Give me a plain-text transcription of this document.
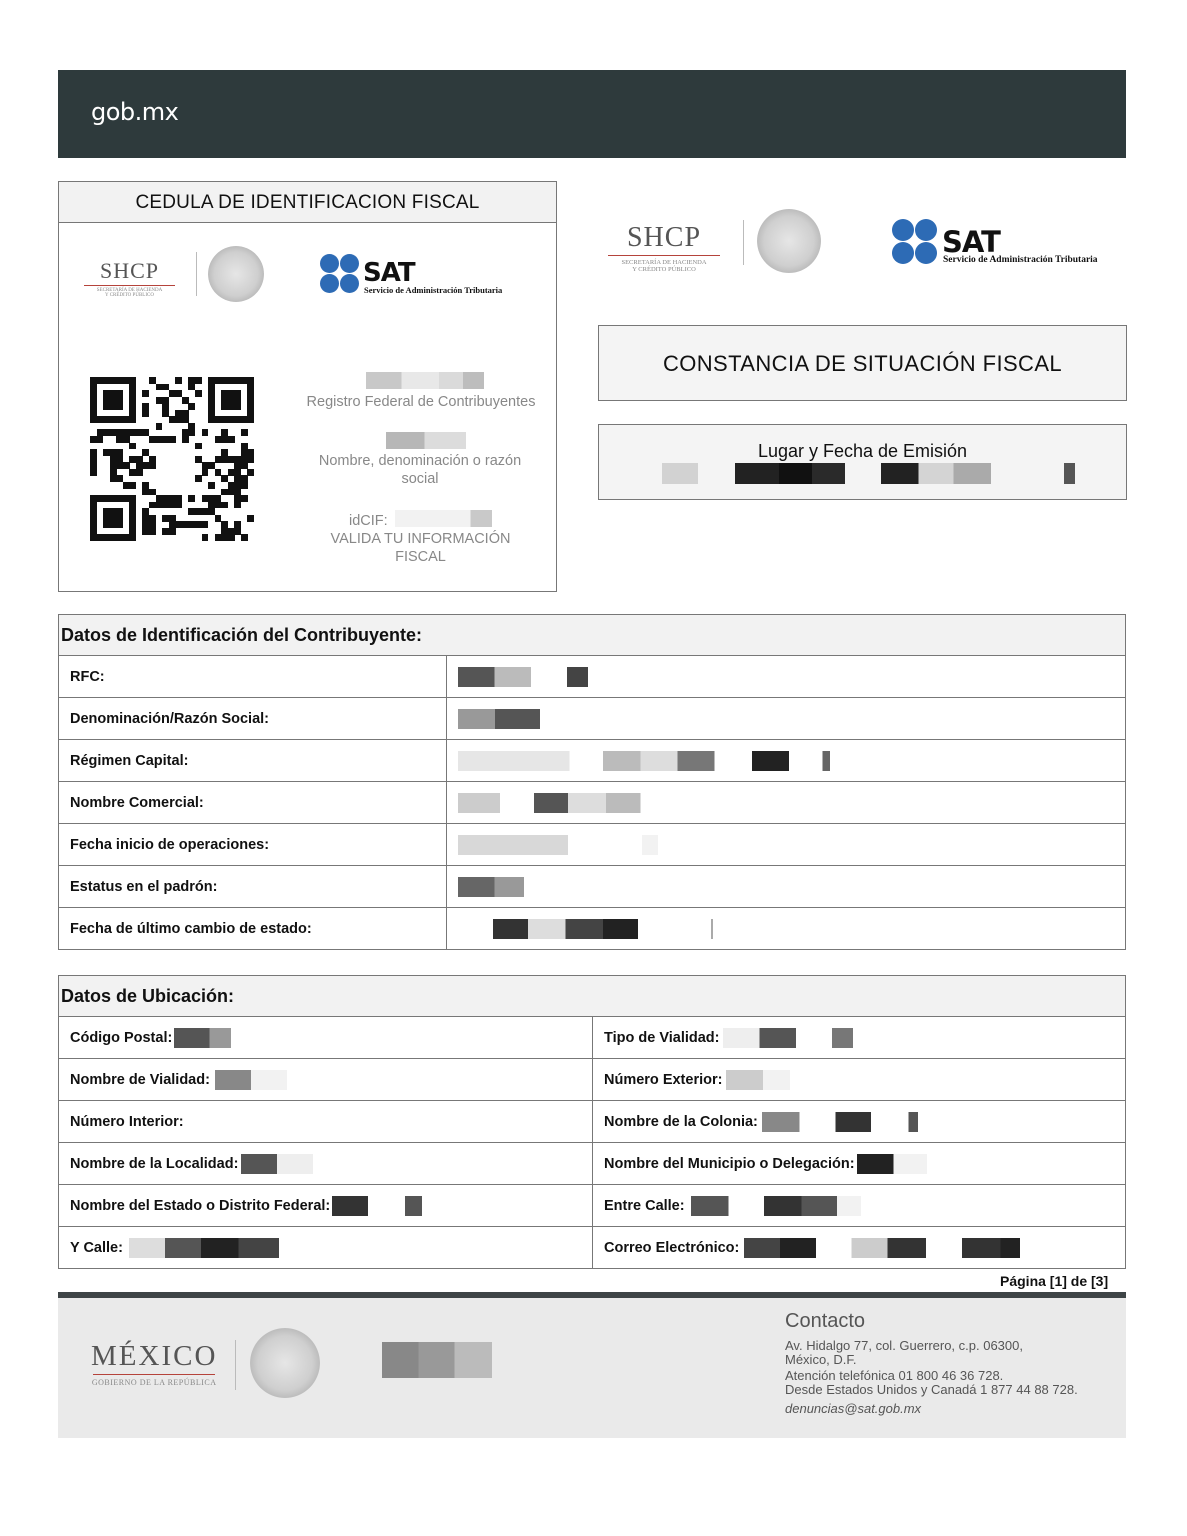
gob.mx
CEDULA DE IDENTIFICACION FISCAL
SHCP
SECRETARÍA DE HACIENDA
Y CRÉDITO PÚBLICO
SAT
Servicio de Administración Tributaria
Registro Federal de Contribuyentes
Nombre, denominación o razón social
idCIF:
VALIDA TU INFORMACIÓN FISCAL
SHCP
SECRETARÍA DE HACIENDA
Y CRÉDITO PÚBLICO
SAT
Servicio de Administración Tributaria
CONSTANCIA DE SITUACIÓN FISCAL
Lugar y Fecha de Emisión
Datos de Identificación del Contribuyente:	
RFC:	
Denominación/Razón Social:	
Régimen Capital:	
Nombre Comercial:	
Fecha inicio de operaciones:	
Estatus en el padrón:	
Fecha de último cambio de estado:	
Datos de Ubicación:	
Código Postal:	Tipo de Vialidad:
Nombre de Vialidad:	Número Exterior:
Número Interior:	Nombre de la Colonia:
Nombre de la Localidad:	Nombre del Municipio o Delegación:
Nombre del Estado o Distrito Federal:	Entre Calle:
Y Calle:	Correo Electrónico:
Página [1] de [3]
MÉXICO
GOBIERNO DE LA REPÚBLICA
Contacto
Av. Hidalgo 77, col. Guerrero, c.p. 06300,
México, D.F.
Atención telefónica 01 800 46 36 728.
Desde Estados Unidos y Canadá 1 877 44 88 728.
denuncias@sat.gob.mx
